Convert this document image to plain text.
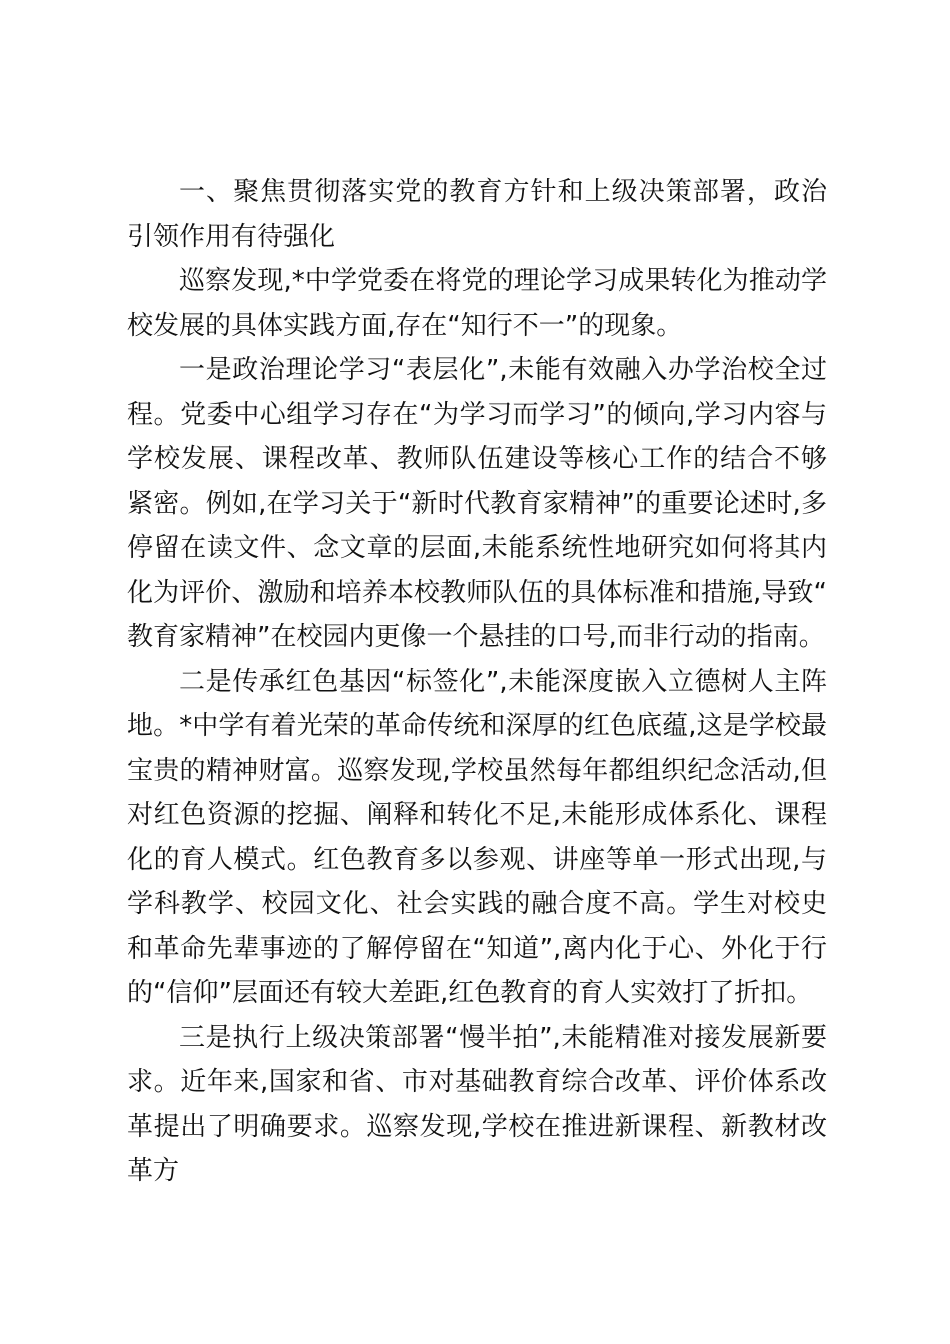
一、聚焦贯彻落实党的教育方针和上级决策部署，政治引领作用有待强化

巡察发现,*中学党委在将党的理论学习成果转化为推动学校发展的具体实践方面,存在“知行不一”的现象。

一是政治理论学习“表层化”,未能有效融入办学治校全过程。党委中心组学习存在“为学习而学习”的倾向,学习内容与学校发展、课程改革、教师队伍建设等核心工作的结合不够紧密。例如,在学习关于“新时代教育家精神”的重要论述时,多停留在读文件、念文章的层面,未能系统性地研究如何将其内化为评价、激励和培养本校教师队伍的具体标准和措施,导致“教育家精神”在校园内更像一个悬挂的口号,而非行动的指南。

二是传承红色基因“标签化”,未能深度嵌入立德树人主阵地。*中学有着光荣的革命传统和深厚的红色底蕴,这是学校最宝贵的精神财富。巡察发现,学校虽然每年都组织纪念活动,但对红色资源的挖掘、阐释和转化不足,未能形成体系化、课程化的育人模式。红色教育多以参观、讲座等单一形式出现,与学科教学、校园文化、社会实践的融合度不高。学生对校史和革命先辈事迹的了解停留在“知道”,离内化于心、外化于行的“信仰”层面还有较大差距,红色教育的育人实效打了折扣。

三是执行上级决策部署“慢半拍”,未能精准对接发展新要求。近年来,国家和省、市对基础教育综合改革、评价体系改革提出了明确要求。巡察发现,学校在推进新课程、新教材改革方
